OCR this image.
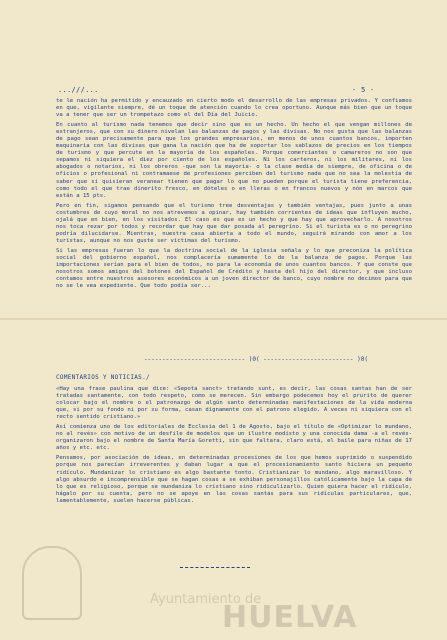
...///...	- 5 -

te le nación ha permitido y encauzado en cierto modo el desarrollo de las empresas privados. Y confiamos en que, vigilante siempre, dé un toque de atención cuando lo crea oportuno. Aunque más bien que un toque va a tener que ser un trompetazo como el del Día del Juicio.

En cuanto al turismo nada tenemos que decir sino que es un hecho. Un hecho el que vengan millones de extranjeros, que con su dinero nivelan las balanzas de pagos y las divisas. No nos gusta que las balanzas de pago sean precisamente para que los grandes empresarios, en menos de unos cuantos bancos, importen maquinaria con las divisas que gana la nación que ha de soportar los sablazos de precios en los tiempos de turismo y que percute en la mayoría de los españoles. Porque comerciantes o camareros no son que sepamos ni siquiera el diez por ciento de los españoles. Ni los carteros, ni los militares, ni los abogados o notarios, ni los obreros -que son la mayoría- o la clase media de siempre, de oficina o de oficios o profesional ni contramaese de profesiones perciben del turismo nada que no sea la molestia de saber que si quisieran veranear tienen que pagar lo que no pueden porque el turista tiene preferencia, como todo el que trae dinerito fresco, en dóteles o en lleras o en francos nuevos y nón en marcos que están a 15 pts.

Pero en fin, sigamos pensando que el turismo tree desventajas y también ventajas, pues junto a unas costumbres de cuyo moral no nos atrevemos a opinar, hay también corrientes de ideas que influyen mucho, ojalá que en bien, en los visitados. El caso es que es un hecho y que hay que aprovecharlo. A nosotros nos toca rezar por todos y recordar que hay que dar posada al peregrino. Si el turista es o no peregrino podría dilucidarse. Mientras, nuestra casa abierta a todo el mundo, seguirá mirando con amor a los turistas, aunque no nos guste ser víctimas del turismo.

Si las empresas fueran lo que la doctrina social de la iglesia señala y lo que preconiza la política social del gobierno español, nos complacería sumamente lo de la balanza de pagos. Porque las importaciones serían para el bien de todos, no para la economía de unos cuantos bancos. Y que conste que nosotros somos amigos del botones del Español de Crédito y hasta del hijo del director, y que incluso contamos entre nuestros asesores económicos a un joven director de banco, cuyo nombre no decimos para que no se le vea expediente. Que todo podía ser...

---------------------------- )0( ------------------------- )0(
COMENTARIOS Y NOTICIAS./

«Hay una frase paulina que dice: «Sepota sanct» tratando sunt, es decir, las cosas santas han de ser tratadas santamente, con todo respeto, como se merecen. Sin embargo podecemos hoy el prurito de querer colocar bajo el nombre o el patronazgo de algún santo determinadas manifestaciones de la vida moderna que, si por su fondo ni por su forma, casan dignamente con el patrono elegido. A veces ni siquiera con el recto sentido cristiano.»

Así comienza uno de los editoriales de Ecclesia del 1 de Agosto, bajo el título de «Optimizar lo mundano, no al revés» con motivo de un desfile de modelos que un ilustre modisto y una conocida dama -a el revés- organizaron bajo el nombre de Santa María Goretti, sin que faltara, claro está, el baile para niñas de 17 años y etc. etc.

Pensamos, por asociación de ideas, en determinadas procesiones de los que hemos suprimido o suspendido porque nos parecían irreverentes y daban lugar a que el procesionamiento santo hiciera un pequeño ridículo. Mundanizar lo cristiano es algo bastante tonto. Cristianizar lo mundano, algo maravilloso. Y algo absurdo e incomprensible que se hagan cosas a se exhiban personajillos católicamente bajo la capa de lo que es religioso, porque se mundaniza lo cristiano sino ridiculizarlo. Quien quiera hacer el ridículo, hágalo por su cuenta, pero no se apoye en las cosas santas para sus ridículas particulares, que, lamentablemente, suelen hacerse públicas.

Ayuntamiento de
HUELVA
